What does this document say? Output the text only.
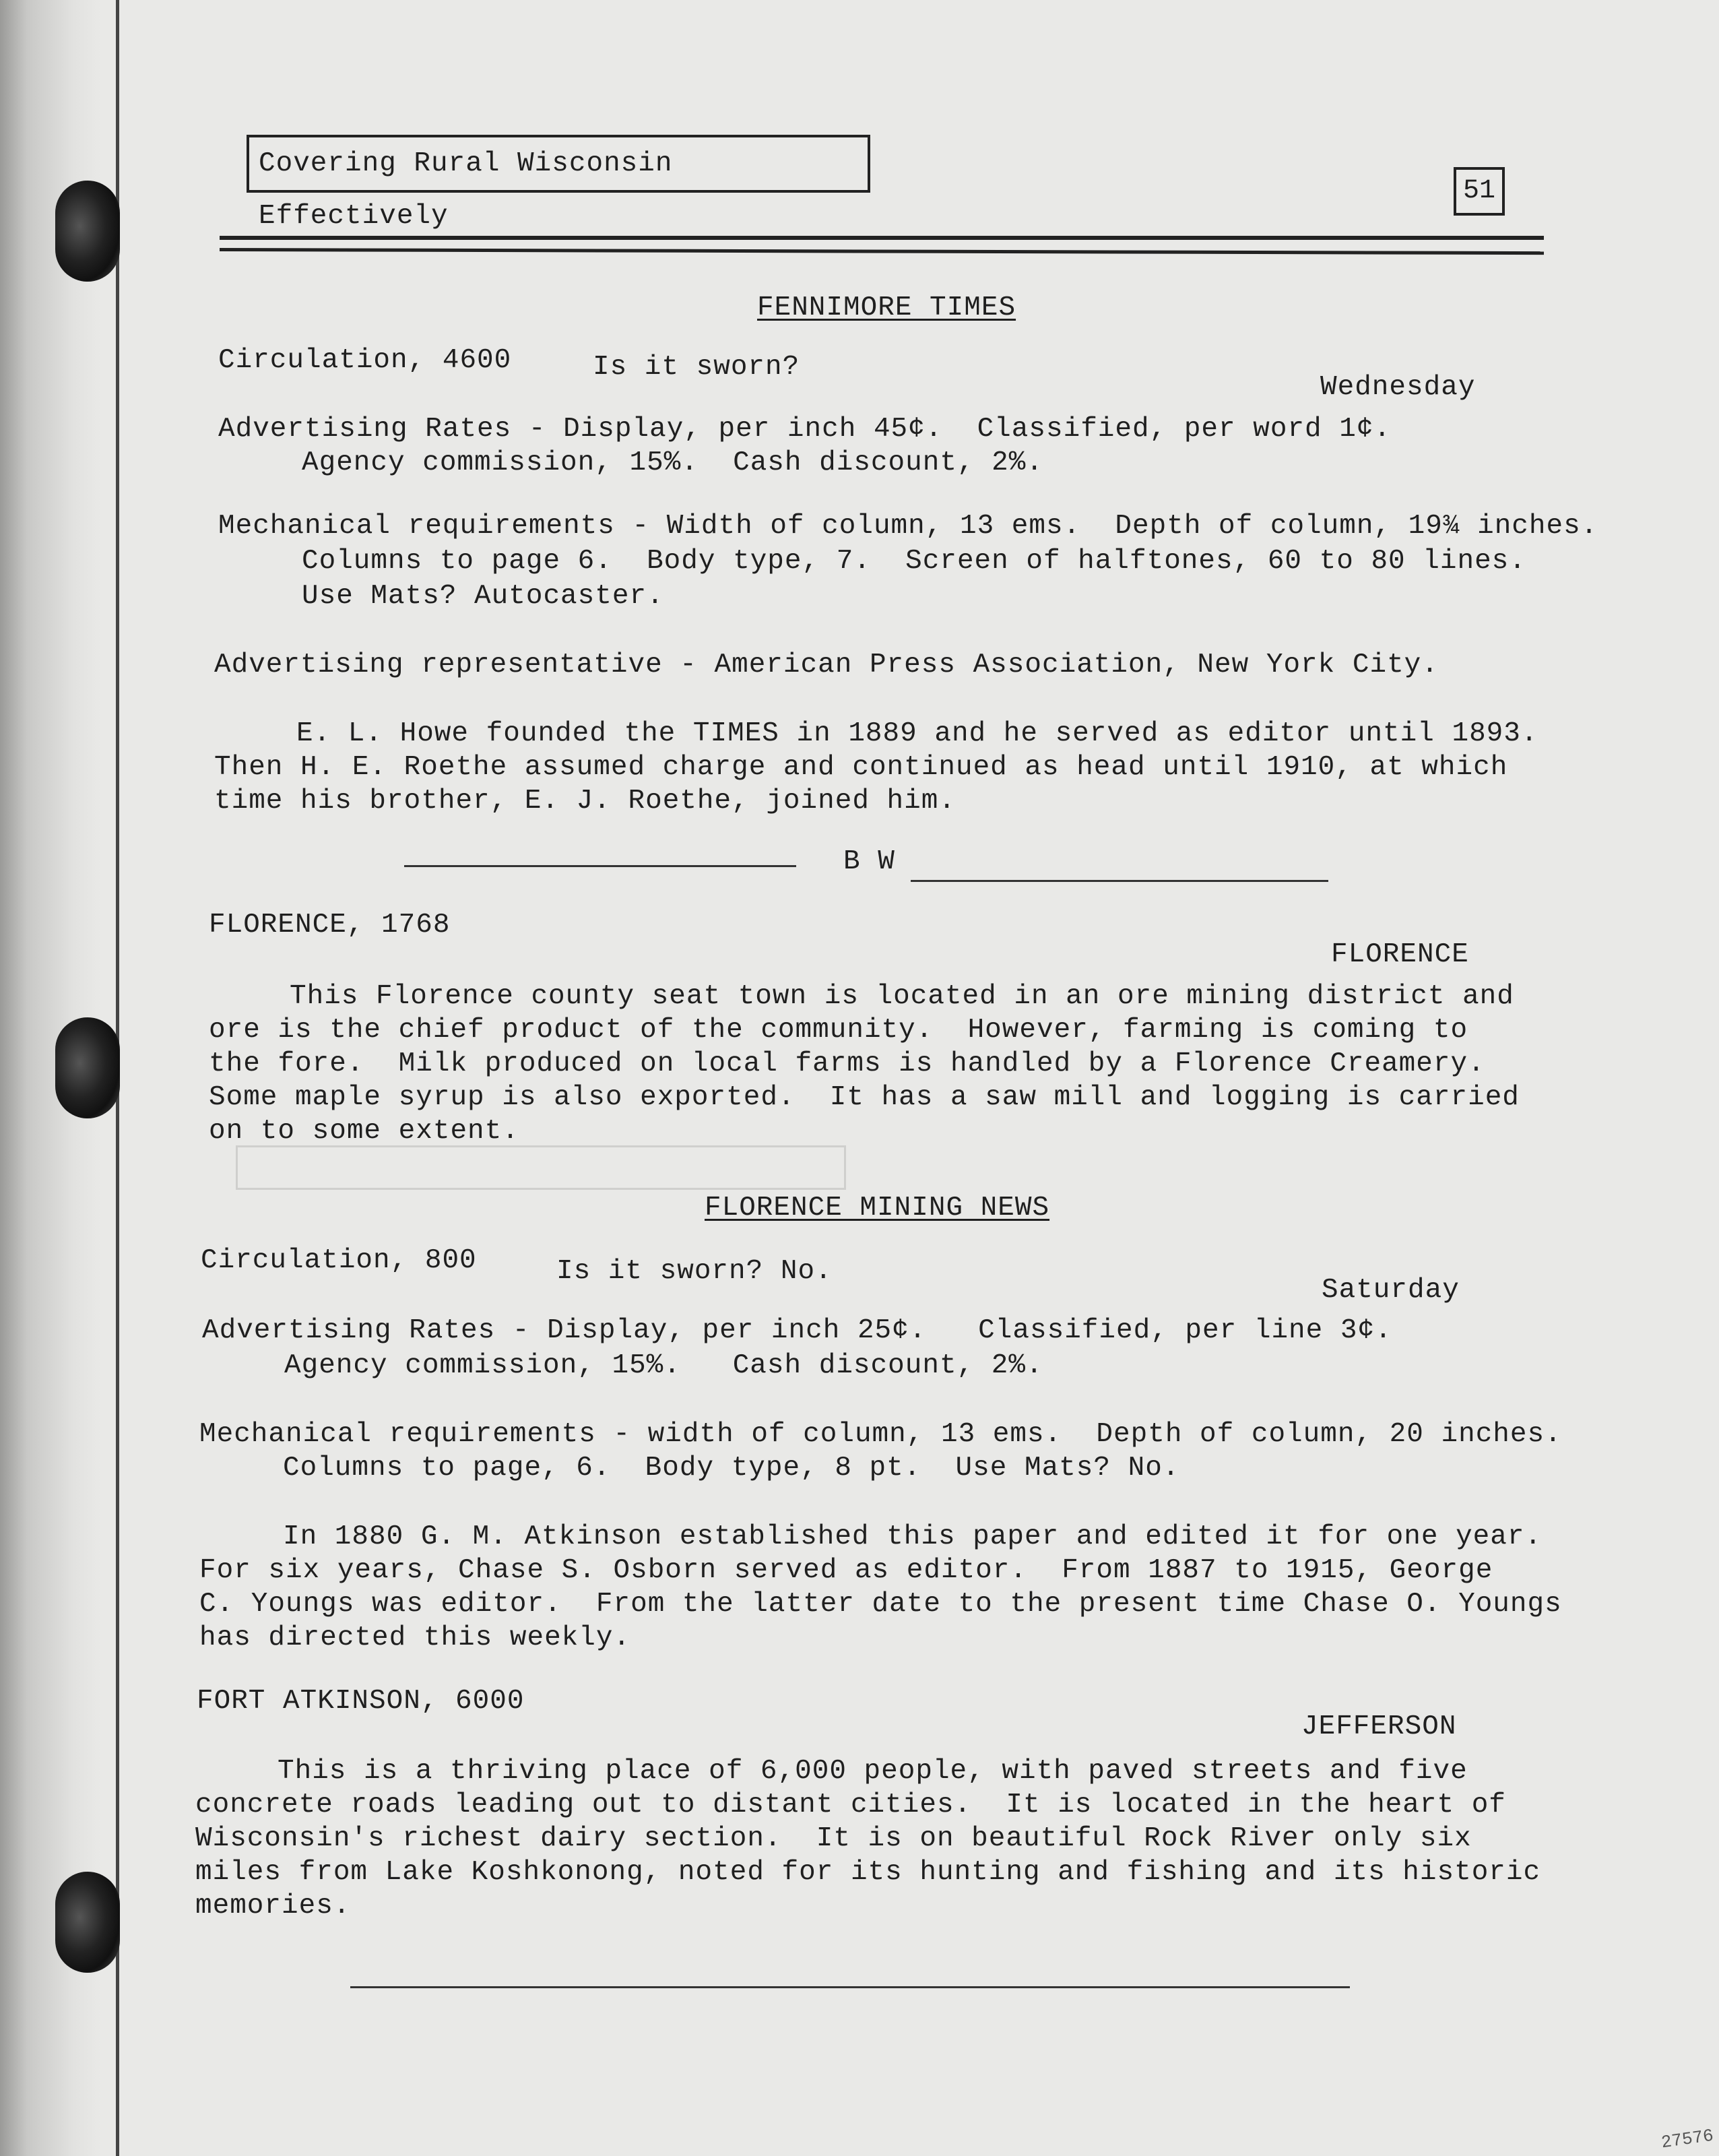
Covering Rural Wisconsin Effectively
51
FENNIMORE TIMES
Circulation, 4600	Is it sworn?
Wednesday
Advertising Rates - Display, per inch 45¢.  Classified, per word 1¢.
Agency commission, 15%.  Cash discount, 2%.
Mechanical requirements - Width of column, 13 ems.  Depth of column, 19¾ inches.
Columns to page 6.  Body type, 7.  Screen of halftones, 60 to 80 lines.
Use Mats? Autocaster.
Advertising representative - American Press Association, New York City.
E. L. Howe founded the TIMES in 1889 and he served as editor until 1893.
Then H. E. Roethe assumed charge and continued as head until 1910, at which
time his brother, E. J. Roethe, joined him.
B W
FLORENCE, 1768
FLORENCE
This Florence county seat town is located in an ore mining district and
ore is the chief product of the community.  However, farming is coming to
the fore.  Milk produced on local farms is handled by a Florence Creamery.
Some maple syrup is also exported.  It has a saw mill and logging is carried
on to some extent.
FLORENCE MINING NEWS
Circulation, 800	Is it sworn? No.
Saturday
Advertising Rates - Display, per inch 25¢.   Classified, per line 3¢.
Agency commission, 15%.   Cash discount, 2%.
Mechanical requirements - width of column, 13 ems.  Depth of column, 20 inches.
Columns to page, 6.  Body type, 8 pt.  Use Mats? No.
In 1880 G. M. Atkinson established this paper and edited it for one year.
For six years, Chase S. Osborn served as editor.  From 1887 to 1915, George
C. Youngs was editor.  From the latter date to the present time Chase O. Youngs
has directed this weekly.
FORT ATKINSON, 6000
JEFFERSON
This is a thriving place of 6,000 people, with paved streets and five
concrete roads leading out to distant cities.  It is located in the heart of
Wisconsin's richest dairy section.  It is on beautiful Rock River only six
miles from Lake Koshkonong, noted for its hunting and fishing and its historic
memories.
27576
